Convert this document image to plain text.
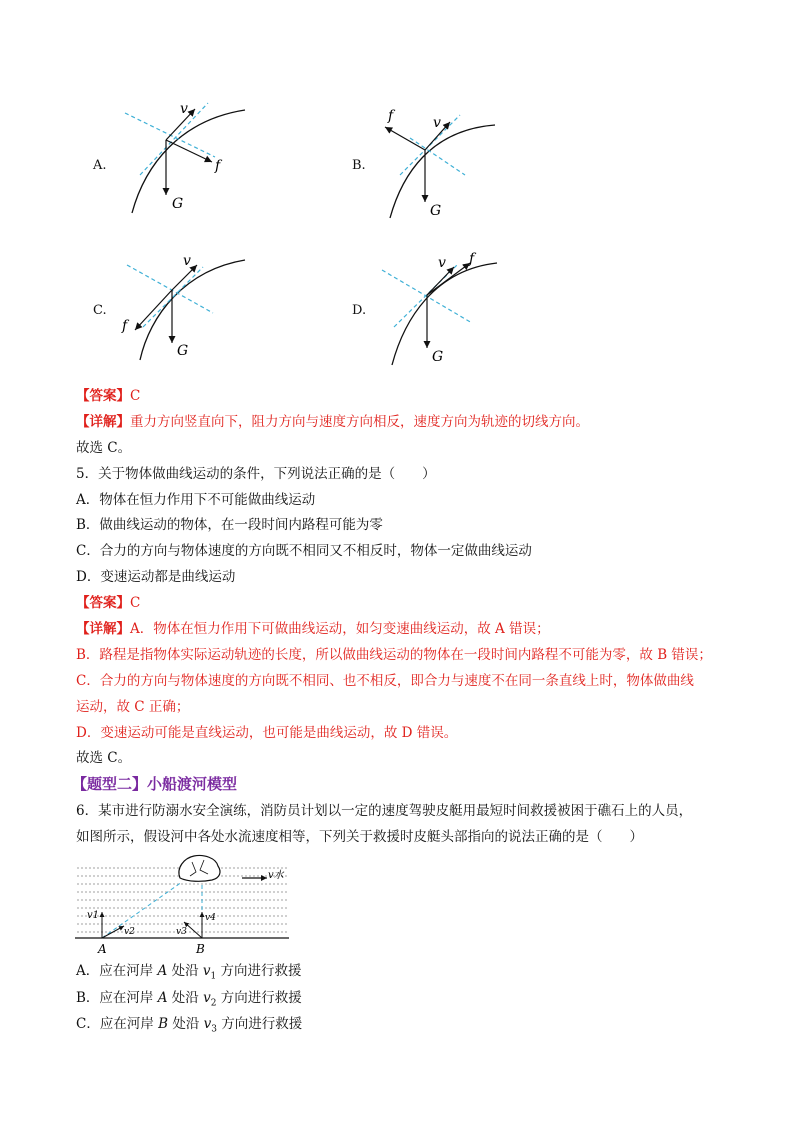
A.
v
f
G
B.
v
f
G
C.
v
f
G
D.
v f
G
【答案】C
【详解】重力方向竖直向下，阻力方向与速度方向相反，速度方向为轨迹的切线方向。
故选 C。
5．关于物体做曲线运动的条件，下列说法正确的是（　　）
A．物体在恒力作用下不可能做曲线运动
B．做曲线运动的物体，在一段时间内路程可能为零
C．合力的方向与物体速度的方向既不相同又不相反时，物体一定做曲线运动
D．变速运动都是曲线运动
【答案】C
【详解】A．物体在恒力作用下可做曲线运动，如匀变速曲线运动，故 A 错误；
B．路程是指物体实际运动轨迹的长度，所以做曲线运动的物体在一段时间内路程不可能为零，故 B 错误；
C．合力的方向与物体速度的方向既不相同、也不相反，即合力与速度不在同一条直线上时，物体做曲线
运动，故 C 正确；
D．变速运动可能是直线运动，也可能是曲线运动，故 D 错误。
故选 C。
【题型二】小船渡河模型
6．某市进行防溺水安全演练，消防员计划以一定的速度驾驶皮艇用最短时间救援被困于礁石上的人员，
如图所示，假设河中各处水流速度相等，下列关于救援时皮艇头部指向的说法正确的是（　　）
v水
v1
v2	v3
v4
A	B
A．应在河岸 A 处沿 $v_1$ 方向进行救援
B．应在河岸 A 处沿 $v_2$ 方向进行救援
C．应在河岸 B 处沿 $v_3$ 方向进行救援
